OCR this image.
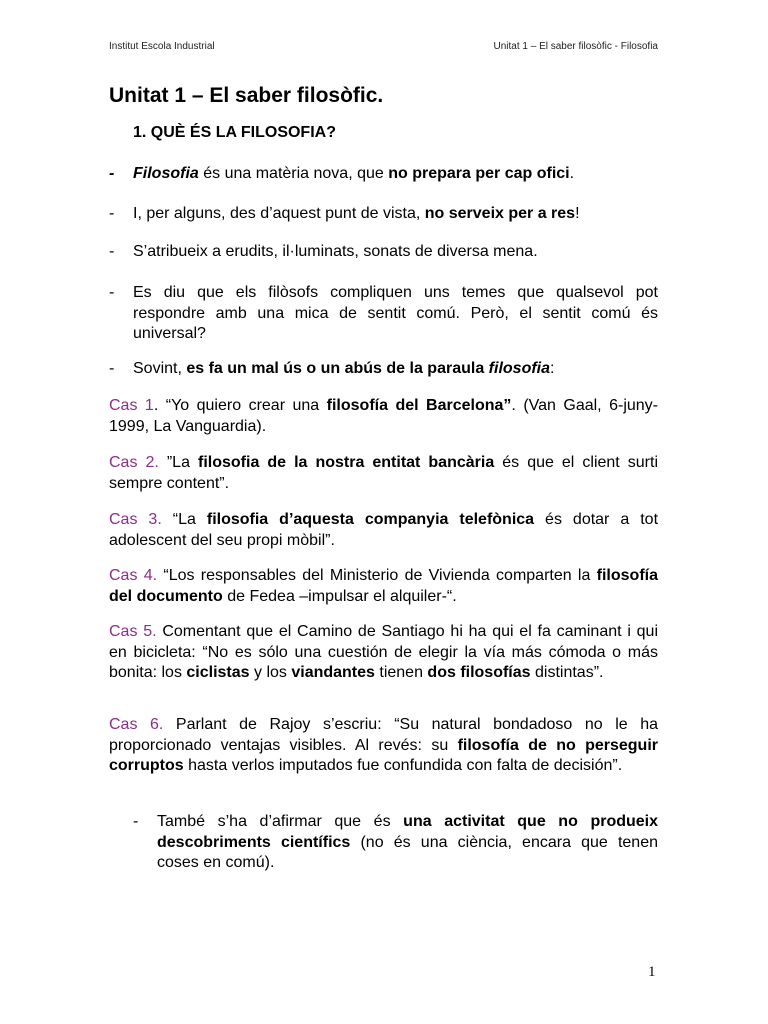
Institut Escola Industrial	Unitat 1 – El saber filosòfic - Filosofia
Unitat 1 – El saber filosòfic.
1. QUÈ ÉS LA FILOSOFIA?
-	Filosofia és una matèria nova, que no prepara per cap ofici.
-	I, per alguns, des d’aquest punt de vista, no serveix per a res!
-	S’atribueix a erudits, il·luminats, sonats de diversa mena.
-	Es diu que els filòsofs compliquen uns temes que qualsevol pot respondre amb una mica de sentit comú. Però, el sentit comú és universal?
-	Sovint, es fa un mal ús o un abús de la paraula filosofia:
Cas 1. “Yo quiero crear una filosofía del Barcelona”. (Van Gaal, 6-juny-1999, La Vanguardia).
Cas 2. ”La filosofia de la nostra entitat bancària és que el client surti sempre content”.
Cas 3. “La filosofia d’aquesta companyia telefònica és dotar a tot adolescent del seu propi mòbil”.
Cas 4. “Los responsables del Ministerio de Vivienda comparten la filosofía del documento de Fedea –impulsar el alquiler-“.
Cas 5. Comentant que el Camino de Santiago hi ha qui el fa caminant i qui en bicicleta: “No es sólo una cuestión de elegir la vía más cómoda o más bonita: los ciclistas y los viandantes tienen dos filosofías distintas”.
Cas 6. Parlant de Rajoy s’escriu: “Su natural bondadoso no le ha proporcionado ventajas visibles. Al revés: su filosofía de no perseguir corruptos hasta verlos imputados fue confundida con falta de decisión”.
-	També s’ha d’afirmar que és una activitat que no produeix descobriments científics (no és una ciència, encara que tenen coses en comú).
1
